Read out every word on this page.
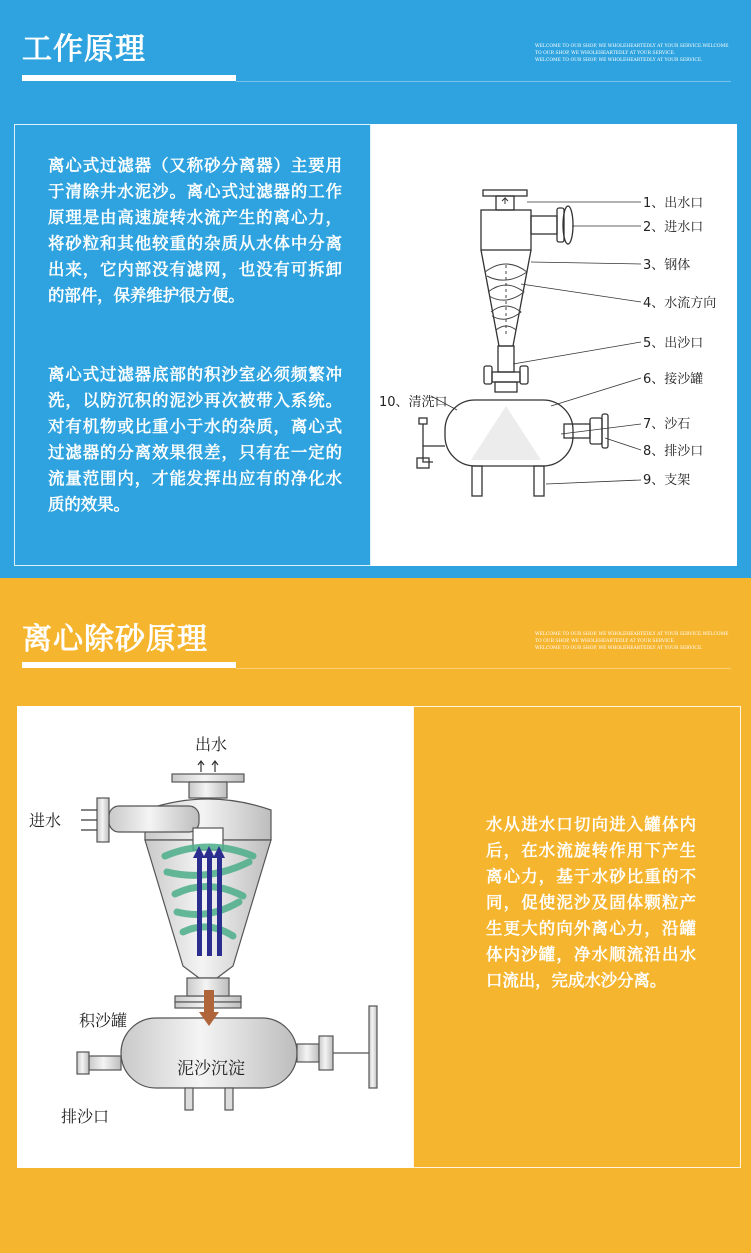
工作原理	WELCOME TO OUR SHOP, WE WHOLEHEARTEDLY AT YOUR SERVICE.WELCOME TO OUR SHOP, WE WHOLEHEARTEDLY AT YOUR SERVICE.
WELCOME TO OUR SHOP, WE WHOLEHEARTEDLY AT YOUR SERVICE.

离心式过滤器（又称砂分离器）主要用于清除井水泥沙。离心式过滤器的工作原理是由高速旋转水流产生的离心力，将砂粒和其他较重的杂质从水体中分离出来，它内部没有滤网，也没有可拆卸的部件，保养维护很方便。

离心式过滤器底部的积沙室必须频繁冲洗，以防沉积的泥沙再次被带入系统。对有机物或比重小于水的杂质，离心式过滤器的分离效果很差，只有在一定的流量范围内，才能发挥出应有的净化水质的效果。

1、出水口
2、进水口
3、钢体
4、水流方向
5、出沙口
6、接沙罐
7、沙石
8、排沙口
9、支架
10、清洗口
离心除砂原理	WELCOME TO OUR SHOP, WE WHOLEHEARTEDLY AT YOUR SERVICE.WELCOME TO OUR SHOP, WE WHOLEHEARTEDLY AT YOUR SERVICE.
WELCOME TO OUR SHOP, WE WHOLEHEARTEDLY AT YOUR SERVICE.
出水
进水
积沙罐
泥沙沉淀
排沙口

水从进水口切向进入罐体内后，在水流旋转作用下产生离心力，基于水砂比重的不同，促使泥沙及固体颗粒产生更大的向外离心力，沿罐体内沙罐，净水顺流沿出水口流出，完成水沙分离。
